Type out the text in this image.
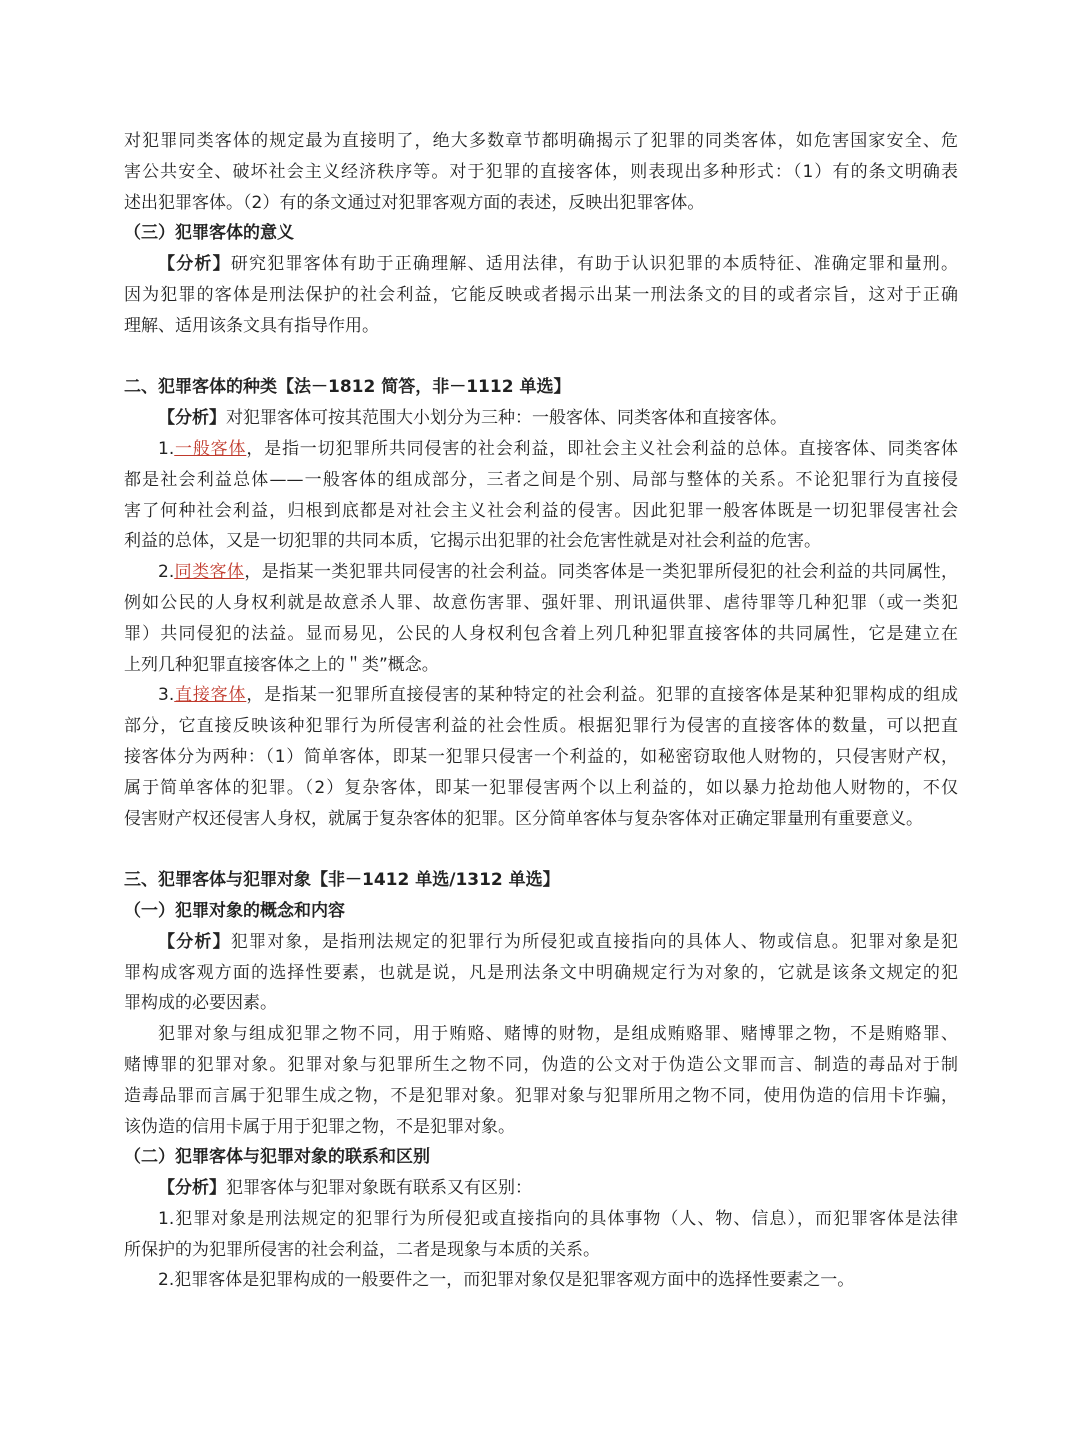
对犯罪同类客体的规定最为直接明了，绝大多数章节都明确揭示了犯罪的同类客体，如危害国家安全、危
害公共安全、破坏社会主义经济秩序等。对于犯罪的直接客体，则表现出多种形式：（1）有的条文明确表
述出犯罪客体。（2）有的条文通过对犯罪客观方面的表述，反映出犯罪客体。
（三）犯罪客体的意义
【分析】研究犯罪客体有助于正确理解、适用法律，有助于认识犯罪的本质特征、准确定罪和量刑。
因为犯罪的客体是刑法保护的社会利益，它能反映或者揭示出某一刑法条文的目的或者宗旨，这对于正确
理解、适用该条文具有指导作用。
二、犯罪客体的种类【法－1812 简答，非－1112 单选】
【分析】对犯罪客体可按其范围大小划分为三种：一般客体、同类客体和直接客体。
1.一般客体，是指一切犯罪所共同侵害的社会利益，即社会主义社会利益的总体。直接客体、同类客体
都是社会利益总体——一般客体的组成部分，三者之间是个别、局部与整体的关系。不论犯罪行为直接侵
害了何种社会利益，归根到底都是对社会主义社会利益的侵害。因此犯罪一般客体既是一切犯罪侵害社会
利益的总体，又是一切犯罪的共同本质，它揭示出犯罪的社会危害性就是对社会利益的危害。
2.同类客体，是指某一类犯罪共同侵害的社会利益。同类客体是一类犯罪所侵犯的社会利益的共同属性，
例如公民的人身权利就是故意杀人罪、故意伤害罪、强奸罪、刑讯逼供罪、虐待罪等几种犯罪（或一类犯
罪）共同侵犯的法益。显而易见，公民的人身权利包含着上列几种犯罪直接客体的共同属性，它是建立在
上列几种犯罪直接客体之上的＂类”概念。
3.直接客体，是指某一犯罪所直接侵害的某种特定的社会利益。犯罪的直接客体是某种犯罪构成的组成
部分，它直接反映该种犯罪行为所侵害利益的社会性质。根据犯罪行为侵害的直接客体的数量，可以把直
接客体分为两种：（1）简单客体，即某一犯罪只侵害一个利益的，如秘密窃取他人财物的，只侵害财产权，
属于简单客体的犯罪。（2）复杂客体，即某一犯罪侵害两个以上利益的，如以暴力抢劫他人财物的，不仅
侵害财产权还侵害人身权，就属于复杂客体的犯罪。区分简单客体与复杂客体对正确定罪量刑有重要意义。
三、犯罪客体与犯罪对象【非－1412 单选/1312 单选】
（一）犯罪对象的概念和内容
【分析】犯罪对象，是指刑法规定的犯罪行为所侵犯或直接指向的具体人、物或信息。犯罪对象是犯
罪构成客观方面的选择性要素，也就是说，凡是刑法条文中明确规定行为对象的，它就是该条文规定的犯
罪构成的必要因素。
犯罪对象与组成犯罪之物不同，用于贿赂、赌博的财物，是组成贿赂罪、赌博罪之物，不是贿赂罪、
赌博罪的犯罪对象。犯罪对象与犯罪所生之物不同，伪造的公文对于伪造公文罪而言、制造的毒品对于制
造毒品罪而言属于犯罪生成之物，不是犯罪对象。犯罪对象与犯罪所用之物不同，使用伪造的信用卡诈骗，
该伪造的信用卡属于用于犯罪之物，不是犯罪对象。
（二）犯罪客体与犯罪对象的联系和区别
【分析】犯罪客体与犯罪对象既有联系又有区别：
1.犯罪对象是刑法规定的犯罪行为所侵犯或直接指向的具体事物（人、物、信息），而犯罪客体是法律
所保护的为犯罪所侵害的社会利益，二者是现象与本质的关系。
2.犯罪客体是犯罪构成的一般要件之一，而犯罪对象仅是犯罪客观方面中的选择性要素之一。
